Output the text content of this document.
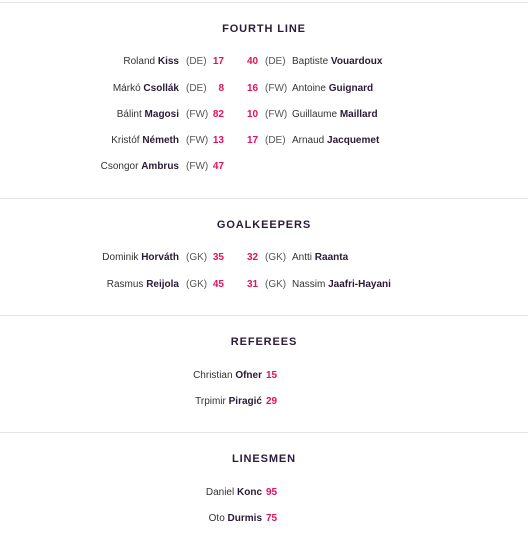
FOURTH LINE
Roland Kiss (DE) 17 40 (DE) Baptiste Vouardoux
Márkó Csollák (DE) 8 16 (FW) Antoine Guignard
Bálint Magosi (FW) 82 10 (FW) Guillaume Maillard
Kristóf Németh (FW) 13 17 (DE) Arnaud Jacquemet
Csongor Ambrus (FW) 47
GOALKEEPERS
Dominik Horváth (GK) 35 32 (GK) Antti Raanta
Rasmus Reijola (GK) 45 31 (GK) Nassim Jaafri-Hayani
REFEREES
Christian Ofner 15
Trpimir Piragić 29
LINESMEN
Daniel Konc 95
Oto Durmis 75
